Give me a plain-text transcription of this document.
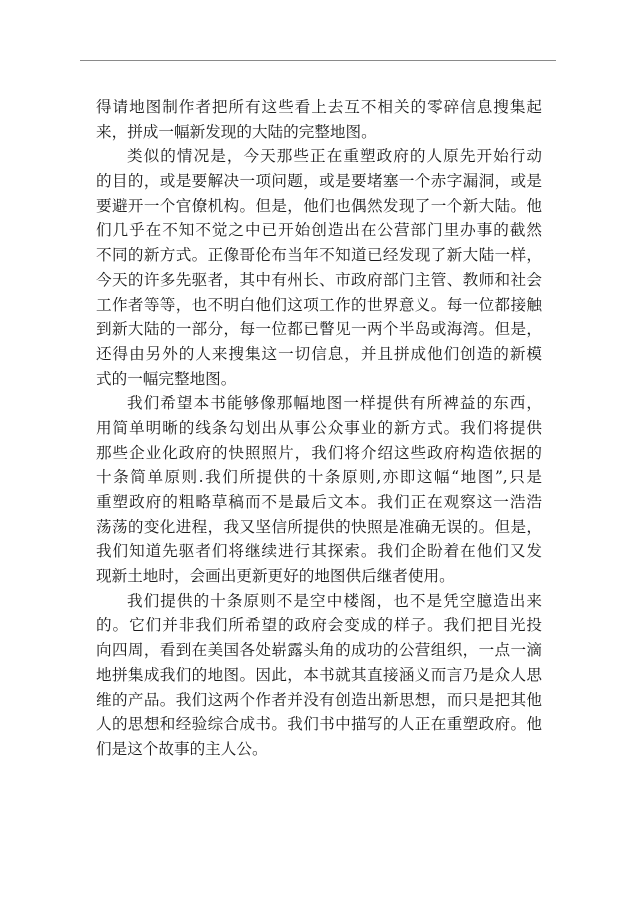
得请地图制作者把所有这些看上去互不相关的零碎信息搜集起
来，拼成一幅新发现的大陆的完整地图。
类似的情况是，今天那些正在重塑政府的人原先开始行动
的目的，或是要解决一项问题，或是要堵塞一个赤字漏洞，或是
要避开一个官僚机构。但是，他们也偶然发现了一个新大陆。他
们几乎在不知不觉之中已开始创造出在公营部门里办事的截然
不同的新方式。正像哥伦布当年不知道已经发现了新大陆一样，
今天的许多先驱者，其中有州长、市政府部门主管、教师和社会
工作者等等，也不明白他们这项工作的世界意义。每一位都接触
到新大陆的一部分，每一位都已瞥见一两个半岛或海湾。但是，
还得由另外的人来搜集这一切信息，并且拼成他们创造的新模
式的一幅完整地图。
我们希望本书能够像那幅地图一样提供有所裨益的东西，
用简单明晰的线条勾划出从事公众事业的新方式。我们将提供
那些企业化政府的快照照片，我们将介绍这些政府构造依据的
十条简单原则.我们所提供的十条原则,亦即这幅“地图”,只是
重塑政府的粗略草稿而不是最后文本。我们正在观察这一浩浩
荡荡的变化进程，我又坚信所提供的快照是准确无误的。但是，
我们知道先驱者们将继续进行其探索。我们企盼着在他们又发
现新土地时，会画出更新更好的地图供后继者使用。
我们提供的十条原则不是空中楼阁，也不是凭空臆造出来
的。它们并非我们所希望的政府会变成的样子。我们把目光投
向四周，看到在美国各处崭露头角的成功的公营组织，一点一滴
地拼集成我们的地图。因此，本书就其直接涵义而言乃是众人思
维的产品。我们这两个作者并没有创造出新思想，而只是把其他
人的思想和经验综合成书。我们书中描写的人正在重塑政府。他
们是这个故事的主人公。
